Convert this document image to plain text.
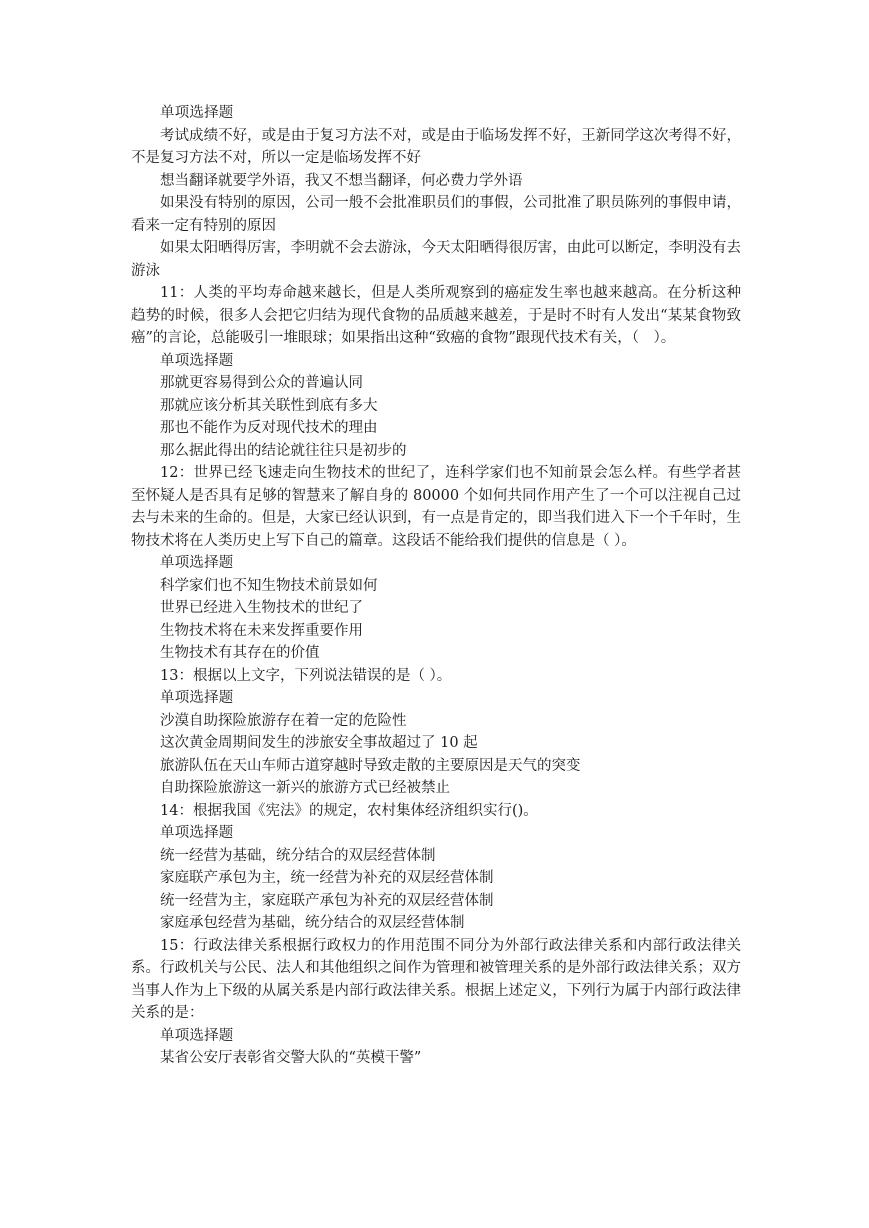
单项选择题

考试成绩不好，或是由于复习方法不对，或是由于临场发挥不好，王新同学这次考得不好，不是复习方法不对，所以一定是临场发挥不好

想当翻译就要学外语，我又不想当翻译，何必费力学外语

如果没有特别的原因，公司一般不会批准职员们的事假，公司批准了职员陈列的事假申请，看来一定有特别的原因

如果太阳晒得厉害，李明就不会去游泳，今天太阳晒得很厉害，由此可以断定，李明没有去游泳

11：人类的平均寿命越来越长，但是人类所观察到的癌症发生率也越来越高。在分析这种趋势的时候，很多人会把它归结为现代食物的品质越来越差，于是时不时有人发出“某某食物致癌”的言论，总能吸引一堆眼球；如果指出这种“致癌的食物”跟现代技术有关，（　）。

单项选择题

那就更容易得到公众的普遍认同

那就应该分析其关联性到底有多大

那也不能作为反对现代技术的理由

那么据此得出的结论就往往只是初步的

12：世界已经飞速走向生物技术的世纪了，连科学家们也不知前景会怎么样。有些学者甚至怀疑人是否具有足够的智慧来了解自身的 80000 个如何共同作用产生了一个可以注视自己过去与未来的生命的。但是，大家已经认识到，有一点是肯定的，即当我们进入下一个千年时，生物技术将在人类历史上写下自己的篇章。这段话不能给我们提供的信息是（ ）。

单项选择题

科学家们也不知生物技术前景如何

世界已经进入生物技术的世纪了

生物技术将在未来发挥重要作用

生物技术有其存在的价值

13：根据以上文字，下列说法错误的是（ ）。

单项选择题

沙漠自助探险旅游存在着一定的危险性

这次黄金周期间发生的涉旅安全事故超过了 10 起

旅游队伍在天山车师古道穿越时导致走散的主要原因是天气的突变

自助探险旅游这一新兴的旅游方式已经被禁止

14：根据我国《宪法》的规定，农村集体经济组织实行()。

单项选择题

统一经营为基础，统分结合的双层经营体制

家庭联产承包为主，统一经营为补充的双层经营体制

统一经营为主，家庭联产承包为补充的双层经营体制

家庭承包经营为基础，统分结合的双层经营体制

15：行政法律关系根据行政权力的作用范围不同分为外部行政法律关系和内部行政法律关系。行政机关与公民、法人和其他组织之间作为管理和被管理关系的是外部行政法律关系；双方当事人作为上下级的从属关系是内部行政法律关系。根据上述定义，下列行为属于内部行政法律关系的是：

单项选择题

某省公安厅表彰省交警大队的“英模干警”
